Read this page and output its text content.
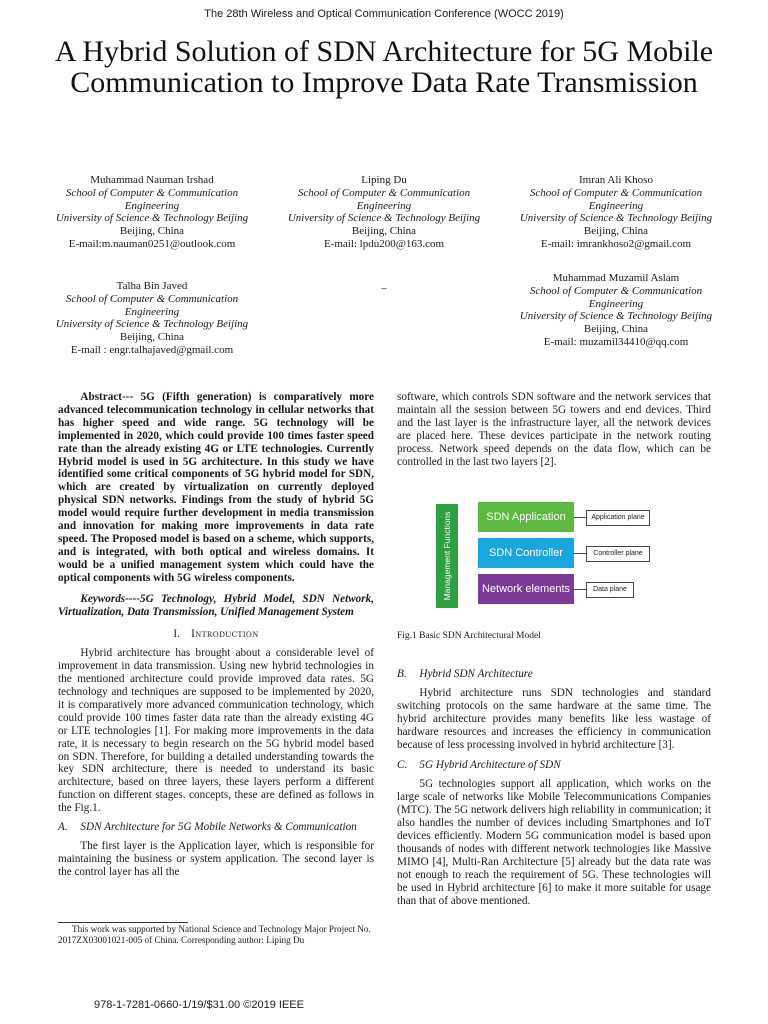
The 28th Wireless and Optical Communication Conference (WOCC 2019)
A Hybrid Solution of SDN Architecture for 5G Mobile Communication to Improve Data Rate Transmission
Muhammad Nauman Irshad
School of Computer & Communication Engineering
University of Science & Technology Beijing
Beijing, China
E-mail:m.nauman0251@outlook.com
Liping Du
School of Computer & Communication Engineering
University of Science & Technology Beijing
Beijing, China
E-mail: lpdu200@163.com
Imran Ali Khoso
School of Computer & Communication Engineering
University of Science & Technology Beijing
Beijing, China
E-mail: imrankhoso2@gmail.com
Talha Bin Javed
School of Computer & Communication Engineering
University of Science & Technology Beijing
Beijing, China
E-mail : engr.talhajaved@gmail.com
–
Muhammad Muzamil Aslam
School of Computer & Communication Engineering
University of Science & Technology Beijing
Beijing, China
E-mail: muzamil34410@qq.com

Abstract--- 5G (Fifth generation) is comparatively more advanced telecommunication technology in cellular networks that has higher speed and wide range. 5G technology will be implemented in 2020, which could provide 100 times faster speed rate than the already existing 4G or LTE technologies. Currently Hybrid model is used in 5G architecture. In this study we have identified some critical components of 5G hybrid model for SDN, which are created by virtualization on currently deployed physical SDN networks. Findings from the study of hybrid 5G model would require further development in media transmission and innovation for making more improvements in data rate speed. The Proposed model is based on a scheme, which supports, and is integrated, with both optical and wireless domains. It would be a unified management system which could have the optical components with 5G wireless components.

Keywords----5G Technology, Hybrid Model, SDN Network, Virtualization, Data Transmission, Unified Management System

I. Introduction

Hybrid architecture has brought about a considerable level of improvement in data transmission. Using new hybrid technologies in the mentioned architecture could provide improved data rates. 5G technology and techniques are supposed to be implemented by 2020, it is comparatively more advanced communication technology, which could provide 100 times faster data rate than the already existing 4G or LTE technologies [1]. For making more improvements in the data rate, it is necessary to begin research on the 5G hybrid model based on SDN. Therefore, for building a detailed understanding towards the key SDN architecture, there is needed to understand its basic architecture, based on three layers, these layers perform a different function on different stages. concepts, these are defined as follows in the Fig.1.

A. SDN Architecture for 5G Mobile Networks & Communication

The first layer is the Application layer, which is responsible for maintaining the business or system application. The second layer is the control layer has all the

software, which controls SDN software and the network services that maintain all the session between 5G towers and end devices. Third and the last layer is the infrastructure layer, all the network devices are placed here. These devices participate in the network routing process. Network speed depends on the data flow, which can be controlled in the last two layers [2].

Management Functions	SDN Application
SDN Controller
Network elements
Application plane
Controller plane
Data plane
Fig.1 Basic SDN Architectural Model

B. Hybrid SDN Architecture

Hybrid architecture runs SDN technologies and standard switching protocols on the same hardware at the same time. The hybrid architecture provides many benefits like less wastage of hardware resources and increases the efficiency in communication because of less processing involved in hybrid architecture [3].

C. 5G Hybrid Architecture of SDN

5G technologies support all application, which works on the large scale of networks like Mobile Telecommunications Companies (MTC). The 5G network delivers high reliability in communication; it also handles the number of devices including Smartphones and IoT devices efficiently. Modern 5G communication model is based upon thousands of nodes with different network technologies like Massive MIMO [4], Multi-Ran Architecture [5] already but the data rate was not enough to reach the requirement of 5G. These technologies will be used in Hybrid architecture [6] to make it more suitable for usage than that of above mentioned.

This work was supported by National Science and Technology Major Project No. 2017ZX03001021-005 of China. Corresponding author: Liping Du
978-1-7281-0660-1/19/$31.00 ©2019 IEEE
